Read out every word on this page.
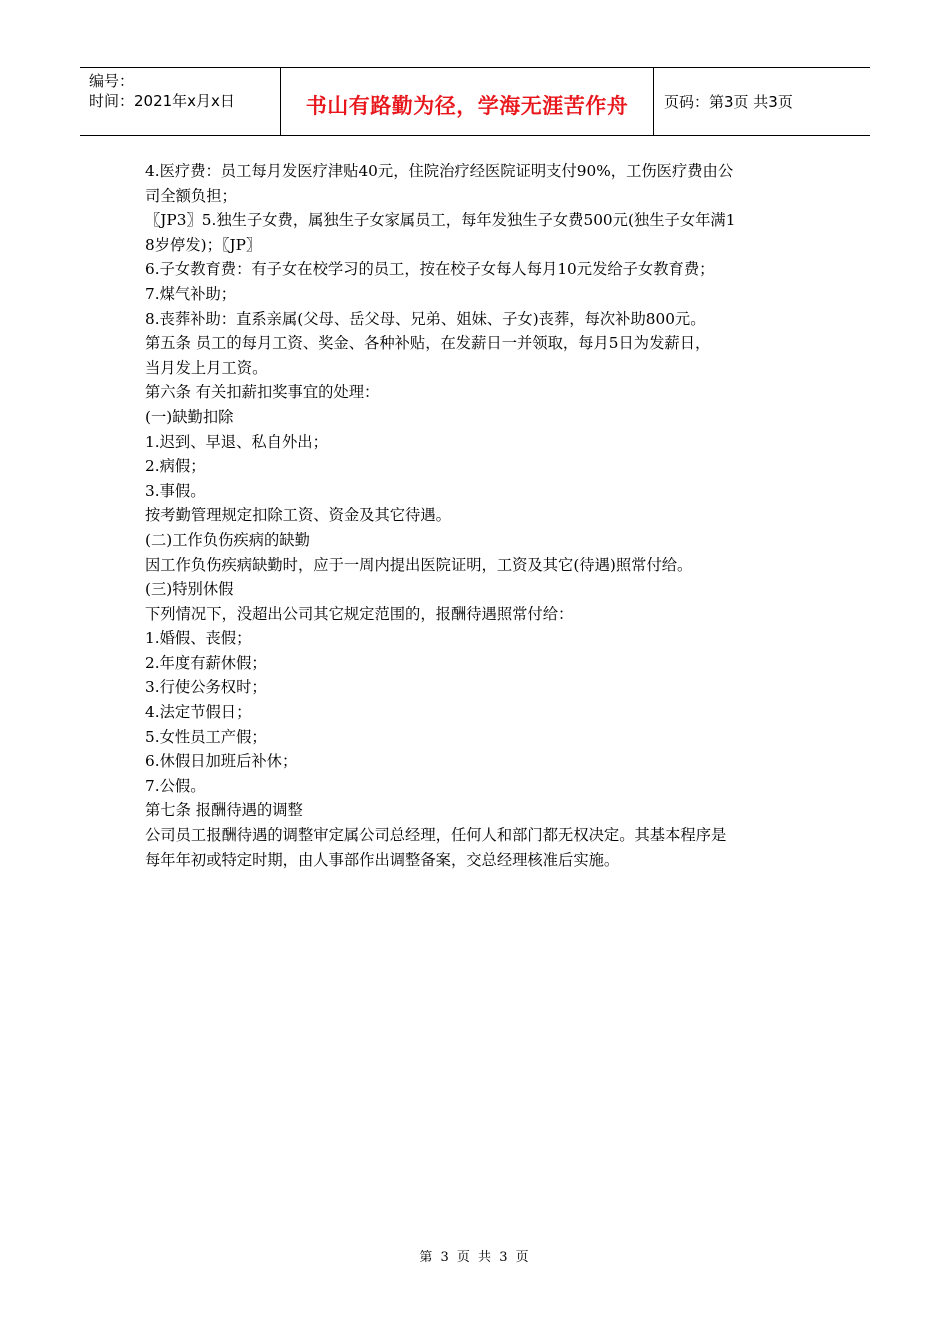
编号：
时间：2021年x月x日	书山有路勤为径，学海无涯苦作舟	页码：第3页 共3页

4.医疗费：员工每月发医疗津贴40元，住院治疗经医院证明支付90%，工伤医疗费由公

司全额负担；

〖JP3〗5.独生子女费，属独生子女家属员工，每年发独生子女费500元(独生子女年满1

8岁停发)；〖JP〗

6.子女教育费：有子女在校学习的员工，按在校子女每人每月10元发给子女教育费；

7.煤气补助；

8.丧葬补助：直系亲属(父母、岳父母、兄弟、姐妹、子女)丧葬，每次补助800元。

第五条 员工的每月工资、奖金、各种补贴，在发薪日一并领取，每月5日为发薪日，

当月发上月工资。

第六条 有关扣薪扣奖事宜的处理：

(一)缺勤扣除

1.迟到、早退、私自外出；

2.病假；

3.事假。

按考勤管理规定扣除工资、资金及其它待遇。

(二)工作负伤疾病的缺勤

因工作负伤疾病缺勤时，应于一周内提出医院证明，工资及其它(待遇)照常付给。

(三)特别休假

下列情况下，没超出公司其它规定范围的，报酬待遇照常付给：

1.婚假、丧假；

2.年度有薪休假；

3.行使公务权时；

4.法定节假日；

5.女性员工产假；

6.休假日加班后补休；

7.公假。

第七条 报酬待遇的调整

公司员工报酬待遇的调整审定属公司总经理，任何人和部门都无权决定。其基本程序是

每年年初或特定时期，由人事部作出调整备案，交总经理核准后实施。

第 3 页 共 3 页
